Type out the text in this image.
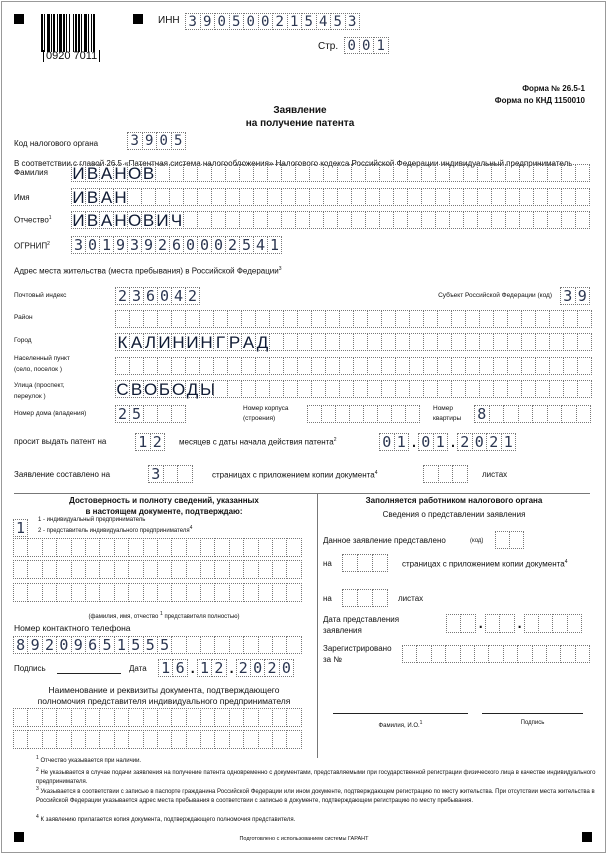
0920 7011
ИНН 3 9 0 5 0 0 2 1 5 4 5 3
Стр. 0 0 1
Форма № 26.5-1
Форма по КНД 1150010
Заявление
на получение патента
Код налогового органа 3 9 0 5
В соответствии с главой 26.5 «Патентная система налогообложения» Налогового кодекса Российской Федерации индивидуальный предприниматель
Фамилия И В А Н О В
Имя	И В А Н
Отчество$^1$ И В А Н О В И Ч
ОГРНИП$^2$ 3 0 1 9 3 9 2 6 0 0 0 2 5 4 1
Адрес места жительства (места пребывания) в Российской Федерации$^3$
Почтовый индекс	2 3 6 0 4 2	Субъект Российской Федерации (код) 3 9
Район
Город	К А Л И Н И Н Г Р А Д
Населенный пункт
(село, поселок )
Улица (проспект,
переулок )	С В О Б О Д Ы
Номер дома (владения) 2 5	Номер корпуса
(строения)
Номер
квартиры 8
просит выдать патент на 1 2	месяцев с даты начала действия патента$^2$	0 1 . 0 1 . 2 0 2 1
Заявление составлено на	3	страницах с приложением копии документа$^4$	листах
Достоверность и полноту сведений, указанных
в настоящем документе, подтверждаю:
1	1 - индивидуальный предприниматель
2 - представитель индивидуального предпринимателя$^4$
(фамилия, имя, отчество $^1$ представителя полностью)
Номер контактного телефона
8 9 2 0 9 6 5 1 5 5 5
Подпись	Дата 1 6 . 1 2 . 2 0 2 0
Наименование и реквизиты документа, подтверждающего
полномочия представителя индивидуального предпринимателя
Заполняется работником налогового органа
Сведения о представлении заявления
Данное заявление представлено	(код)
на	страницах с приложением копии документа$^4$
на	листах
Дата представления
заявления	.	.
Зарегистрировано
за №
Фамилия, И.О.$^1$	Подпись
$^1$ Отчество указывается при наличии.
$^2$ Не указывается в случае подачи заявления на получение патента одновременно с документами, представляемыми при государственной регистрации физического лица в качестве индивидуального предпринимателя.
$^3$ Указывается в соответствии с записью в паспорте гражданина Российской Федерации или ином документе, подтверждающем регистрацию по месту жительства. При отсутствии места жительства в Российской Федерации указывается адрес места пребывания в соответствии с записью в документе, подтверждающем регистрацию по месту пребывания.
$^4$ К заявлению прилагается копия документа, подтверждающего полномочия представителя.
Подготовлено с использованием системы ГАРАНТ
